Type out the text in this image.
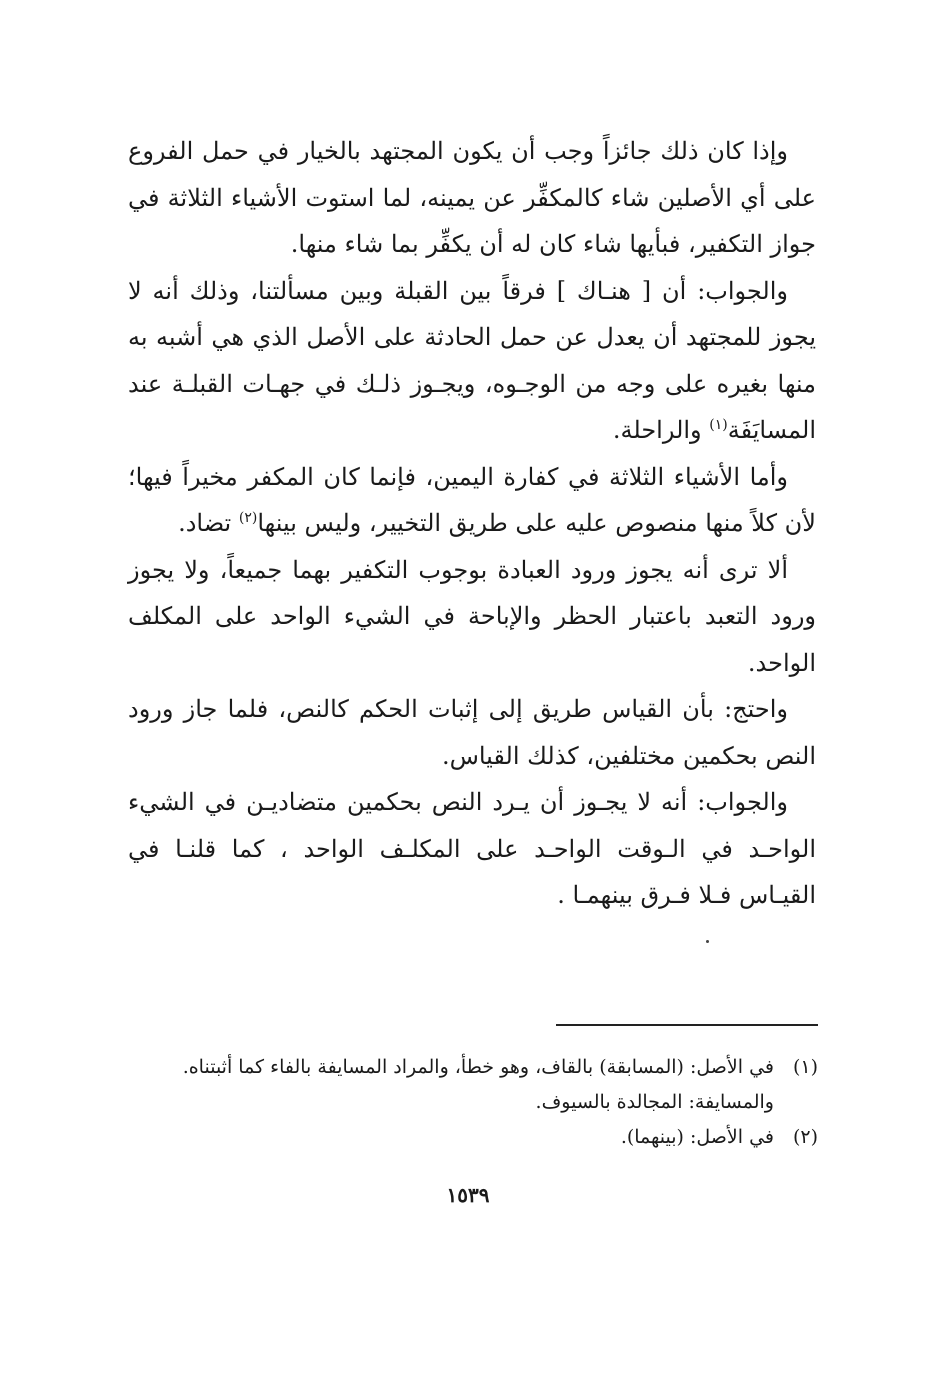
وإذا كان ذلك جائزاً وجب أن يكون المجتهد بالخيار في حمل الفروع على أي الأصلين شاء كالمكفِّر عن يمينه، لما استوت الأشياء الثلاثة في جواز التكفير، فبأيها شاء كان له أن يكفِّر بما شاء منها.

والجواب: أن [ هنـاك ] فرقاً بين القبلة وبين مسألتنا، وذلك أنه لا يجوز للمجتهد أن يعدل عن حمل الحادثة على الأصل الذي هي أشبه به منها بغيره على وجه من الوجـوه، ويجـوز ذلـك في جهـات القبلـة عند المسايَفَة$^{(١)}$ والراحلة.

وأما الأشياء الثلاثة في كفارة اليمين، فإنما كان المكفر مخيراً فيها؛ لأن كلاً منها منصوص عليه على طريق التخيير، وليس بينها$^{(٢)}$ تضاد.

ألا ترى أنه يجوز ورود العبادة بوجوب التكفير بهما جميعاً، ولا يجوز ورود التعبد باعتبار الحظر والإباحة في الشيء الواحد على المكلف الواحد.

واحتج: بأن القياس طريق إلى إثبات الحكم كالنص، فلما جاز ورود النص بحكمين مختلفين، كذلك القياس.

والجواب: أنه لا يجـوز أن يـرد النص بحكمين متضاديـن في الشيء الواحـد في الـوقت الواحـد على المكلـف الواحد ، كما قلنـا في القيـاس فـلا فـرق بينهمـا .

(١)
في الأصل: (المسابقة) بالقاف، وهو خطأ، والمراد المسايفة بالفاء كما أثبتناه. والمسايفة: المجالدة بالسيوف.
(٢)
في الأصل: (بينهما).
١٥٣٩
